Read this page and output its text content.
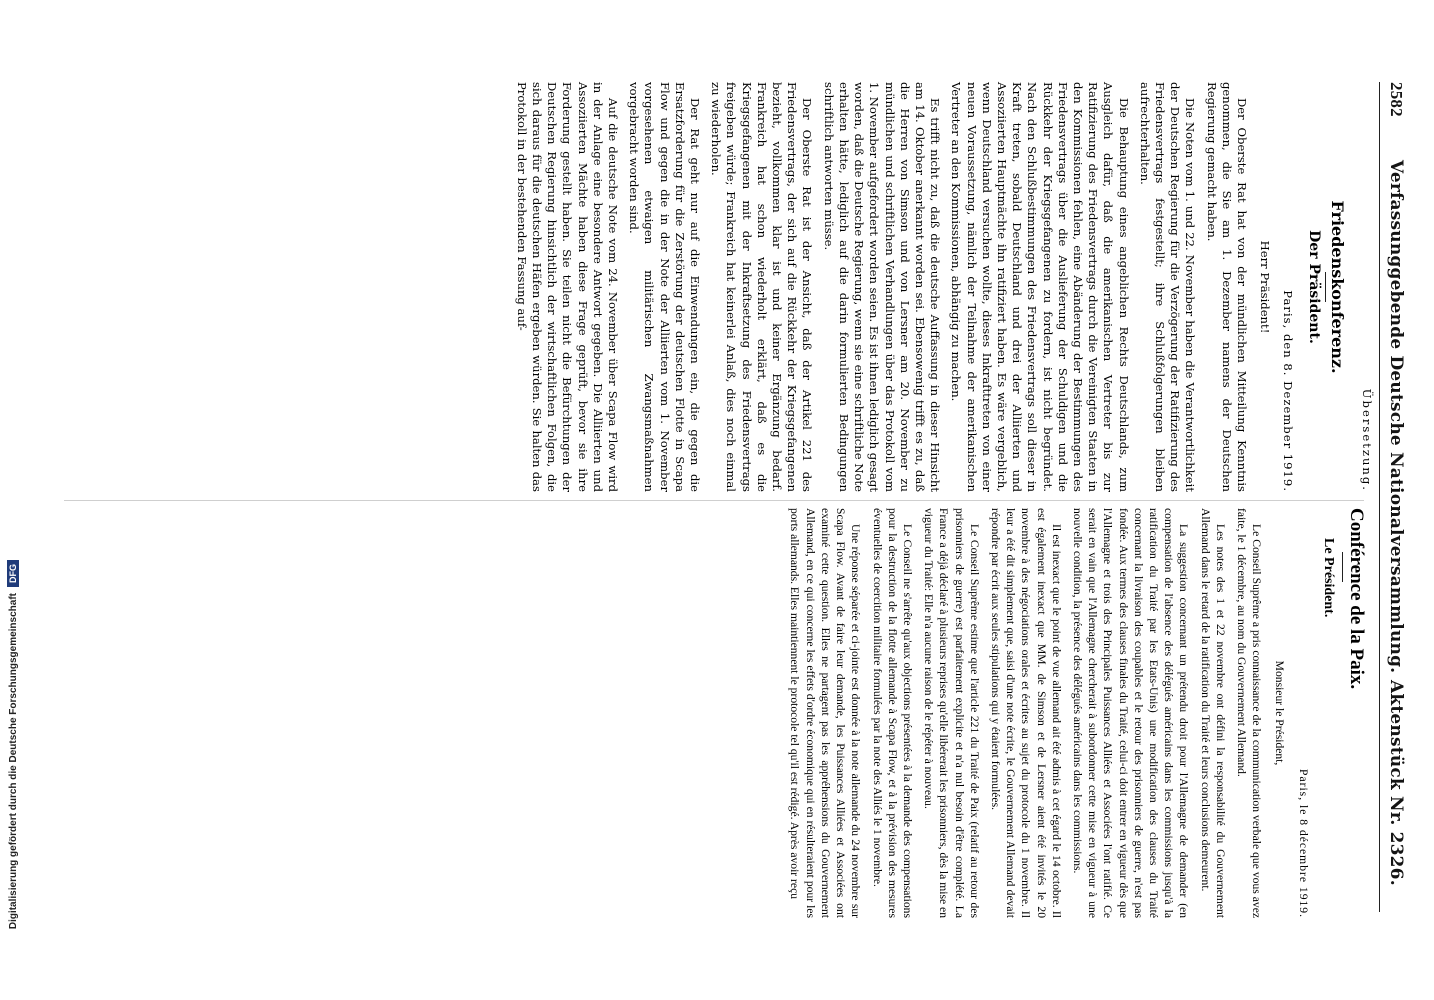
2582
Verfassunggebende Deutsche Nationalversammlung.
Aktenstück Nr. 2326.
Übersetzung.
Friedenskonferenz.
Der Präsident.

Paris, den 8. Dezember 1919.

Herr Präsident!

Der Oberste Rat hat von der mündlichen Mitteilung Kenntnis genommen, die Sie am 1. Dezember namens der Deutschen Regierung gemacht haben.

Die Noten vom 1. und 22. November haben die Verantwortlichkeit der Deutschen Regierung für die Verzögerung der Ratifizierung des Friedensvertrags festgestellt; ihre Schlußfolgerungen bleiben aufrechterhalten.

Die Behauptung eines angeblichen Rechts Deutschlands, zum Ausgleich dafür, daß die amerikanischen Vertreter bis zur Ratifizierung des Friedensvertrags durch die Vereinigten Staaten in den Kommissionen fehlen, eine Abänderung der Bestimmungen des Friedensvertrags über die Auslieferung der Schuldigen und die Rückkehr der Kriegsgefangenen zu fordern, ist nicht begründet. Nach den Schlußbestimmungen des Friedensvertrags soll dieser in Kraft treten, sobald Deutschland und drei der Alliierten und Assoziierten Hauptmächte ihn ratifiziert haben. Es wäre vergeblich, wenn Deutschland versuchen wollte, dieses Inkrafttreten von einer neuen Voraussetzung, nämlich der Teilnahme der amerikanischen Vertreter an den Kommissionen, abhängig zu machen.

Es trifft nicht zu, daß die deutsche Auffassung in dieser Hinsicht am 14. Oktober anerkannt worden sei. Ebensowenig trifft es zu, daß die Herren von Simson und von Lersner am 20. November zu mündlichen und schriftlichen Verhandlungen über das Protokoll vom 1. November aufgefordert worden seien. Es ist ihnen lediglich gesagt worden, daß die Deutsche Regierung, wenn sie eine schriftliche Note erhalten hätte, lediglich auf die darin formulierten Bedingungen schriftlich antworten müsse.

Der Oberste Rat ist der Ansicht, daß der Artikel 221 des Friedensvertrags, der sich auf die Rückkehr der Kriegsgefangenen bezieht, vollkommen klar ist und keiner Ergänzung bedarf. Frankreich hat schon wiederholt erklärt, daß es die Kriegsgefangenen mit der Inkraftsetzung des Friedensvertrags freigeben würde; Frankreich hat keinerlei Anlaß, dies noch einmal zu wiederholen.

Der Rat geht nur auf die Einwendungen ein, die gegen die Ersatzforderung für die Zerstörung der deutschen Flotte in Scapa Flow und gegen die in der Note der Alliierten vom 1. November vorgesehenen etwaigen militärischen Zwangsmaßnahmen vorgebracht worden sind.

Auf die deutsche Note vom 24. November über Scapa Flow wird in der Anlage eine besondere Antwort gegeben. Die Alliierten und Assoziierten Mächte haben diese Frage geprüft, bevor sie ihre Forderung gestellt haben. Sie teilen nicht die Befürchtungen der Deutschen Regierung hinsichtlich der wirtschaftlichen Folgen, die sich daraus für die deutschen Häfen ergeben würden. Sie halten das Protokoll in der bestehenden Fassung auf-

Conférence de la Paix.
Le Président.

Paris, le 8 décembre 1919.

Monsieur le Président,

Le Conseil Suprême a pris connaissance de la communication verbale que vous avez faite, le 1 décembre, au nom du Gouvernement Allemand.

Les notes des 1 et 22 novembre ont défini la responsabilité du Gouvernement Allemand dans le retard de la ratification du Traité et leurs conclusions demeurent.

La suggestion concernant un prétendu droit pour l'Allemagne de demander (en compensation de l'absence des délégués américains dans les commissions jusqu'à la ratification du Traité par les Etats-Unis) une modification des clauses du Traité concernant la livraison des coupables et le retour des prisonniers de guerre, n'est pas fondée. Aux termes des clauses finales du Traité, celui-ci doit entrer en vigueur dès que l'Allemagne et trois des Principales Puissances Alliées et Associées l'ont ratifié. Ce serait en vain que l'Allemagne chercherait à subordonner cette mise en vigueur à une nouvelle condition, la présence des délégués américains dans les commissions.

Il est inexact que le point de vue allemand ait été admis à cet égard le 14 octobre. Il est également inexact que MM. de Simson et de Lersner aient été invités le 20 novembre à des négociations orales et écrites au sujet du protocole du 1 novembre. Il leur a été dit simplement que, saisi d'une note écrite, le Gouvernement Allemand devait répondre par écrit aux seules stipulations qui y étaient formulées.

Le Conseil Suprême estime que l'article 221 du Traité de Paix (relatif au retour des prisonniers de guerre) est parfaitement explicite et n'a nul besoin d'être complété. La France a déjà déclaré à plusieurs reprises qu'elle libérerait les prisonniers, dès la mise en vigueur du Traité: Elle n'a aucune raison de le répéter à nouveau.

Le Conseil ne s'arrête qu'aux objections présentées à la demande des compensations pour la destruction de la flotte allemande à Scapa Flow, et à la prévision des mesures éventuelles de coercition militaire formulées par la note des Alliés le 1 novembre.

Une réponse séparée et ci-jointe est donnée à la note allemande du 24 novembre sur Scapa Flow. Avant de faire leur demande, les Puissances Alliées et Associées ont examiné cette question. Elles ne partagent pas les appréhensions du Gouvernement Allemand, en ce qui concerne les effets d'ordre économique qui en résulteraient pour les ports allemands. Elles maintiennent le protocole tel qu'il est rédigé. Après avoir reçu

Digitalisierung gefördert durch die Deutsche Forschungsgemeinschaft
DFG
